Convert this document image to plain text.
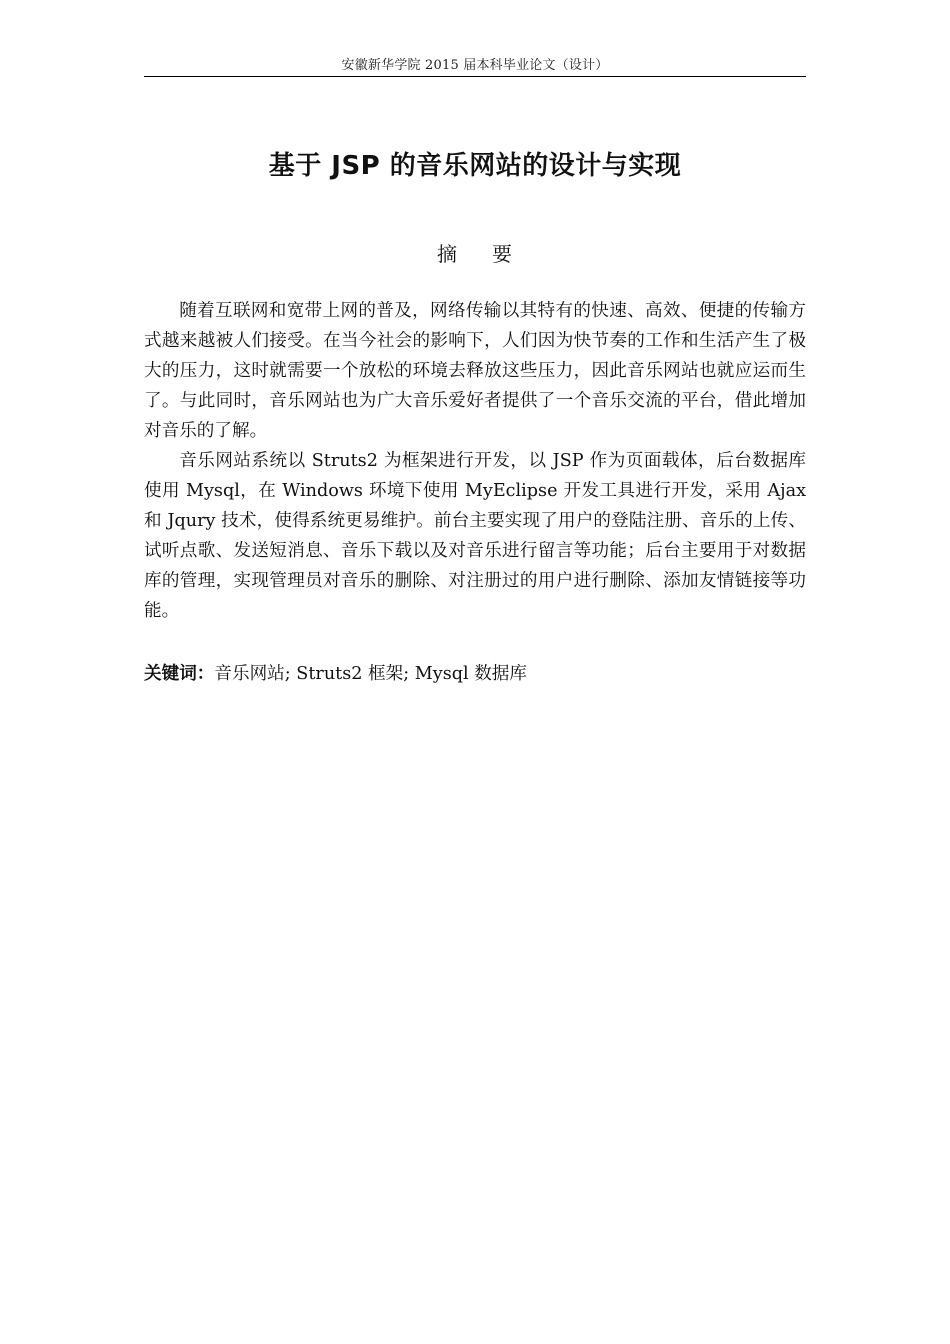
安徽新华学院 2015 届本科毕业论文（设计）
基于 JSP 的音乐网站的设计与实现
摘 要

随着互联网和宽带上网的普及，网络传输以其特有的快速、高效、便捷的传输方式越来越被人们接受。在当今社会的影响下，人们因为快节奏的工作和生活产生了极大的压力，这时就需要一个放松的环境去释放这些压力，因此音乐网站也就应运而生了。与此同时，音乐网站也为广大音乐爱好者提供了一个音乐交流的平台，借此增加对音乐的了解。

音乐网站系统以 Struts2 为框架进行开发，以 JSP 作为页面载体，后台数据库使用 Mysql，在 Windows 环境下使用 MyEclipse 开发工具进行开发，采用 Ajax 和 Jqury 技术，使得系统更易维护。前台主要实现了用户的登陆注册、音乐的上传、试听点歌、发送短消息、音乐下载以及对音乐进行留言等功能；后台主要用于对数据库的管理，实现管理员对音乐的删除、对注册过的用户进行删除、添加友情链接等功能。

关键词：音乐网站; Struts2 框架; Mysql 数据库
